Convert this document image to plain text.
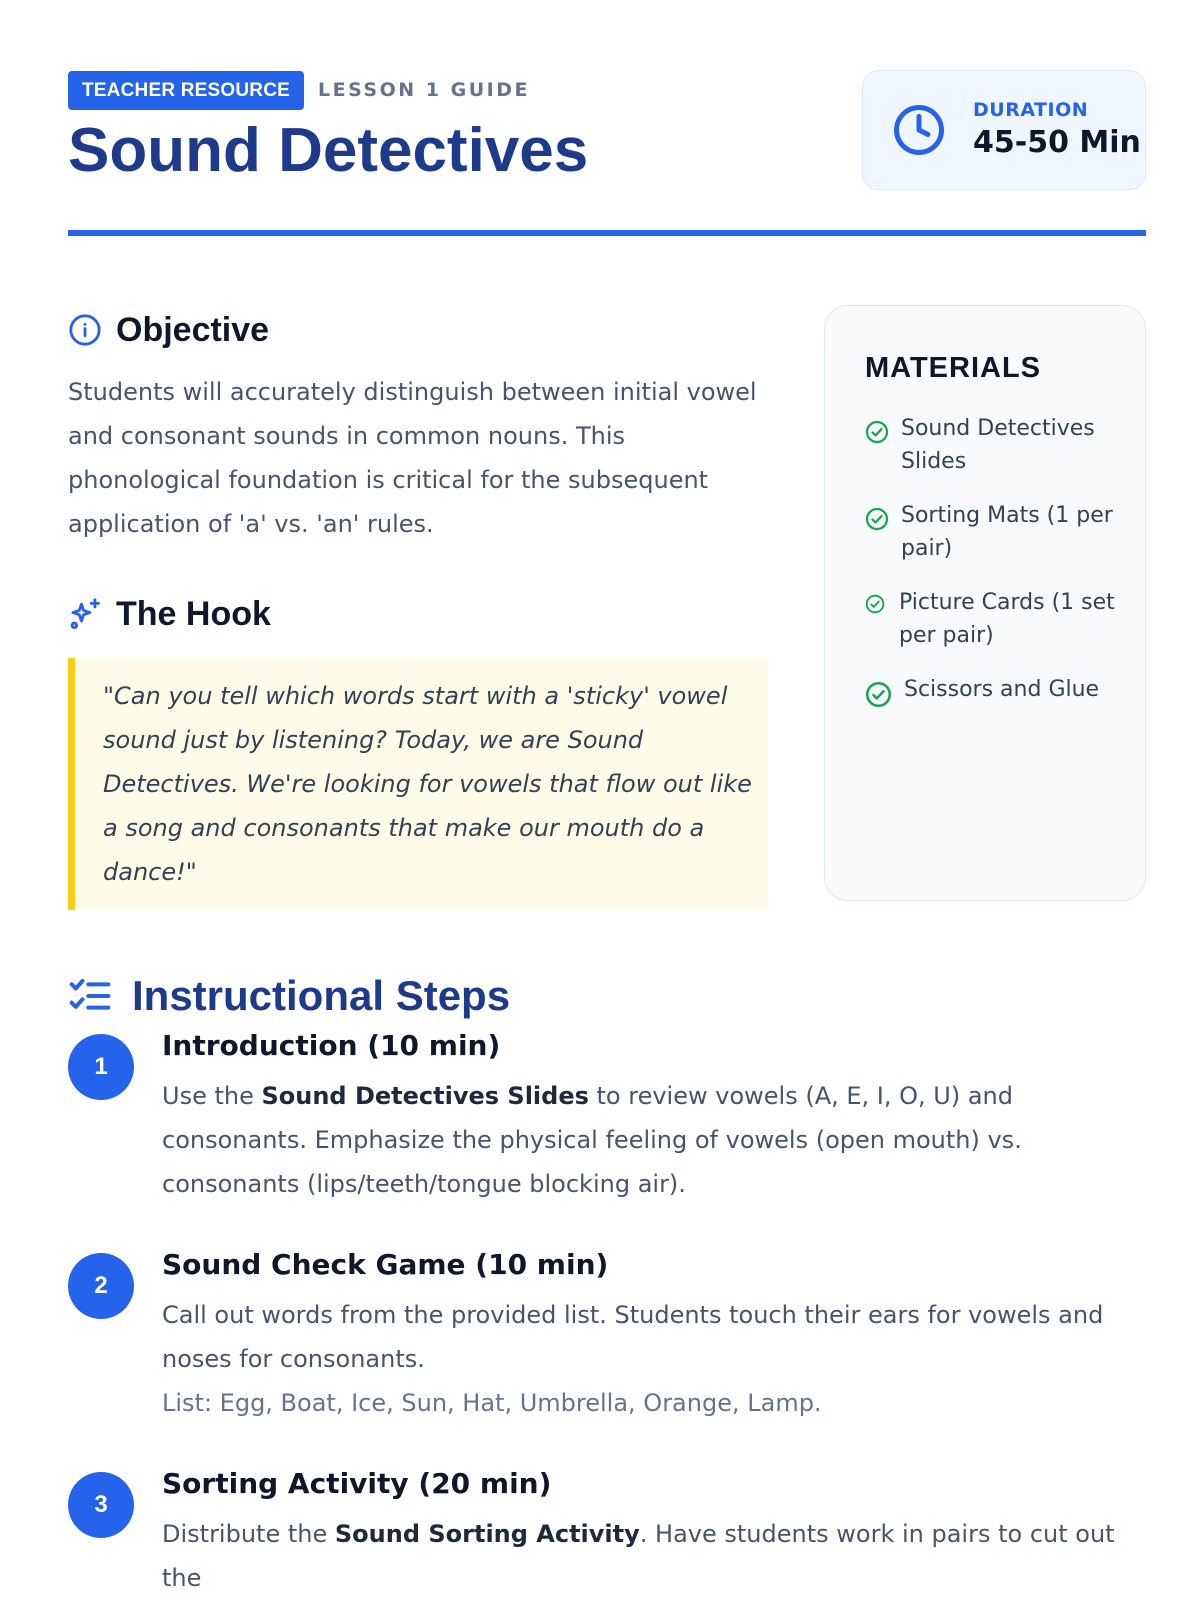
TEACHER RESOURCE	LESSON 1 GUIDE
Sound Detectives
DURATION
45-50 Min
Objective

Students will accurately distinguish between initial vowel and consonant sounds in common nouns. This phonological foundation is critical for the subsequent application of 'a' vs. 'an' rules.

The Hook
"Can you tell which words start with a 'sticky' vowel sound just by listening? Today, we are Sound Detectives. We're looking for vowels that flow out like a song and consonants that make our mouth do a dance!"
MATERIALS
Sound Detectives Slides
Sorting Mats (1 per pair)
Picture Cards (1 set per pair)
Scissors and Glue
Instructional Steps
1
Introduction (10 min)

Use the Sound Detectives Slides to review vowels (A, E, I, O, U) and consonants. Emphasize the physical feeling of vowels (open mouth) vs. consonants (lips/teeth/tongue blocking air).

2
Sound Check Game (10 min)

Call out words from the provided list. Students touch their ears for vowels and noses for consonants.

List: Egg, Boat, Ice, Sun, Hat, Umbrella, Orange, Lamp.

3
Sorting Activity (20 min)

Distribute the Sound Sorting Activity. Have students work in pairs to cut out the
